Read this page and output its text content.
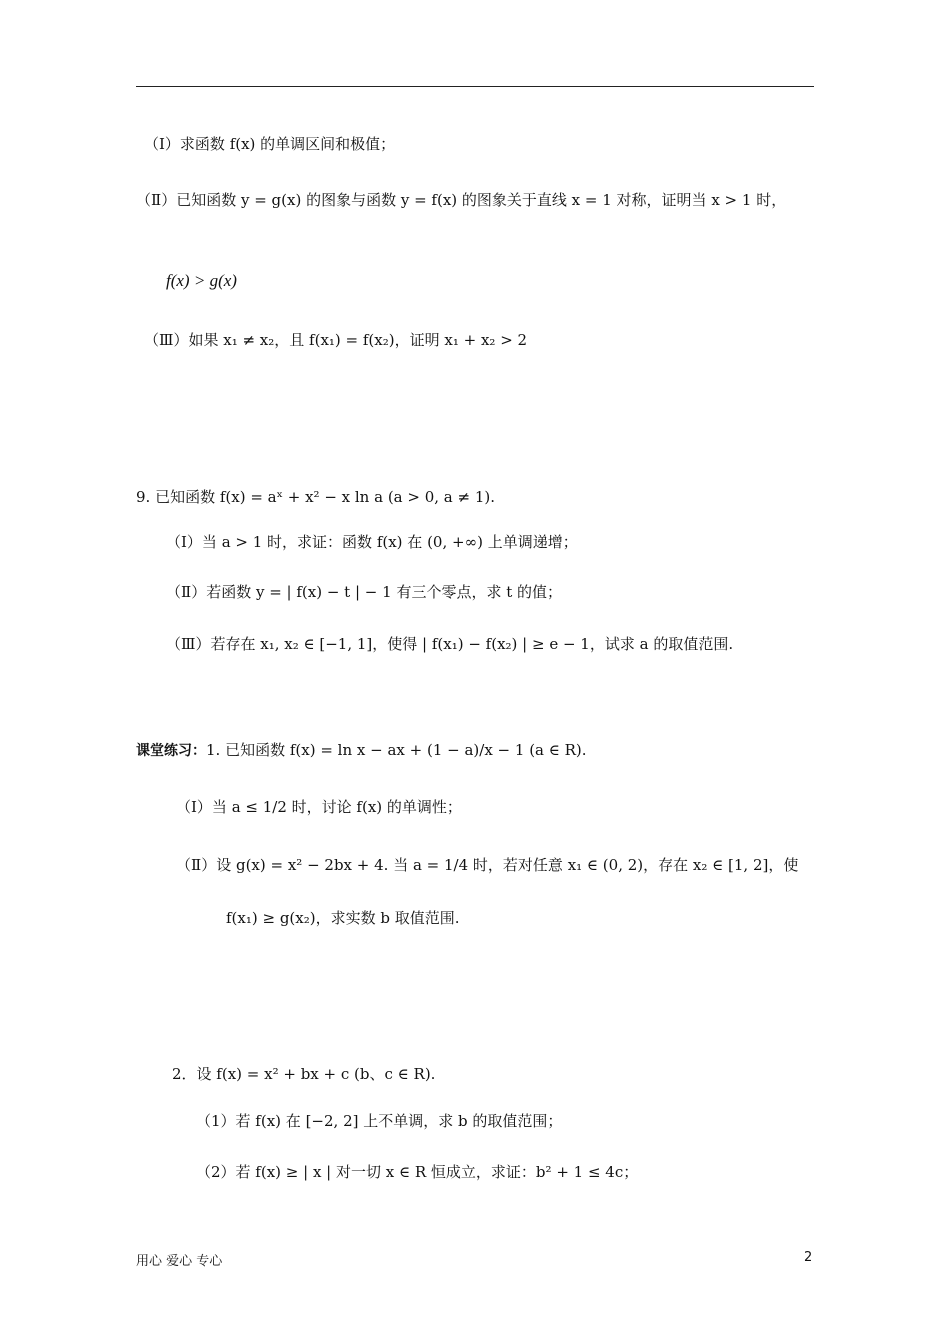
（Ⅰ）求函数 f(x) 的单调区间和极值；
（Ⅱ）已知函数 y = g(x) 的图象与函数 y = f(x) 的图象关于直线 x = 1 对称，证明当 x > 1 时，
f(x) > g(x)
（Ⅲ）如果 x₁ ≠ x₂，且 f(x₁) = f(x₂)，证明 x₁ + x₂ > 2
9. 已知函数 f(x) = aˣ + x² − x ln a (a > 0, a ≠ 1).
（Ⅰ）当 a > 1 时，求证：函数 f(x) 在 (0, +∞) 上单调递增；
（Ⅱ）若函数 y = | f(x) − t | − 1 有三个零点，求 t 的值；
（Ⅲ）若存在 x₁, x₂ ∈ [−1, 1]，使得 | f(x₁) − f(x₂) | ≥ e − 1，试求 a 的取值范围.
课堂练习：1. 已知函数 f(x) = ln x − ax + (1 − a)/x − 1 (a ∈ R).
（Ⅰ）当 a ≤ 1/2 时，讨论 f(x) 的单调性；
（Ⅱ）设 g(x) = x² − 2bx + 4. 当 a = 1/4 时，若对任意 x₁ ∈ (0, 2)，存在 x₂ ∈ [1, 2]，使
f(x₁) ≥ g(x₂)，求实数 b 取值范围.
2．设 f(x) = x² + bx + c (b、c ∈ R).
（1）若 f(x) 在 [−2, 2] 上不单调，求 b 的取值范围；
（2）若 f(x) ≥ | x | 对一切 x ∈ R 恒成立，求证：b² + 1 ≤ 4c；
用心 爱心 专心	2
